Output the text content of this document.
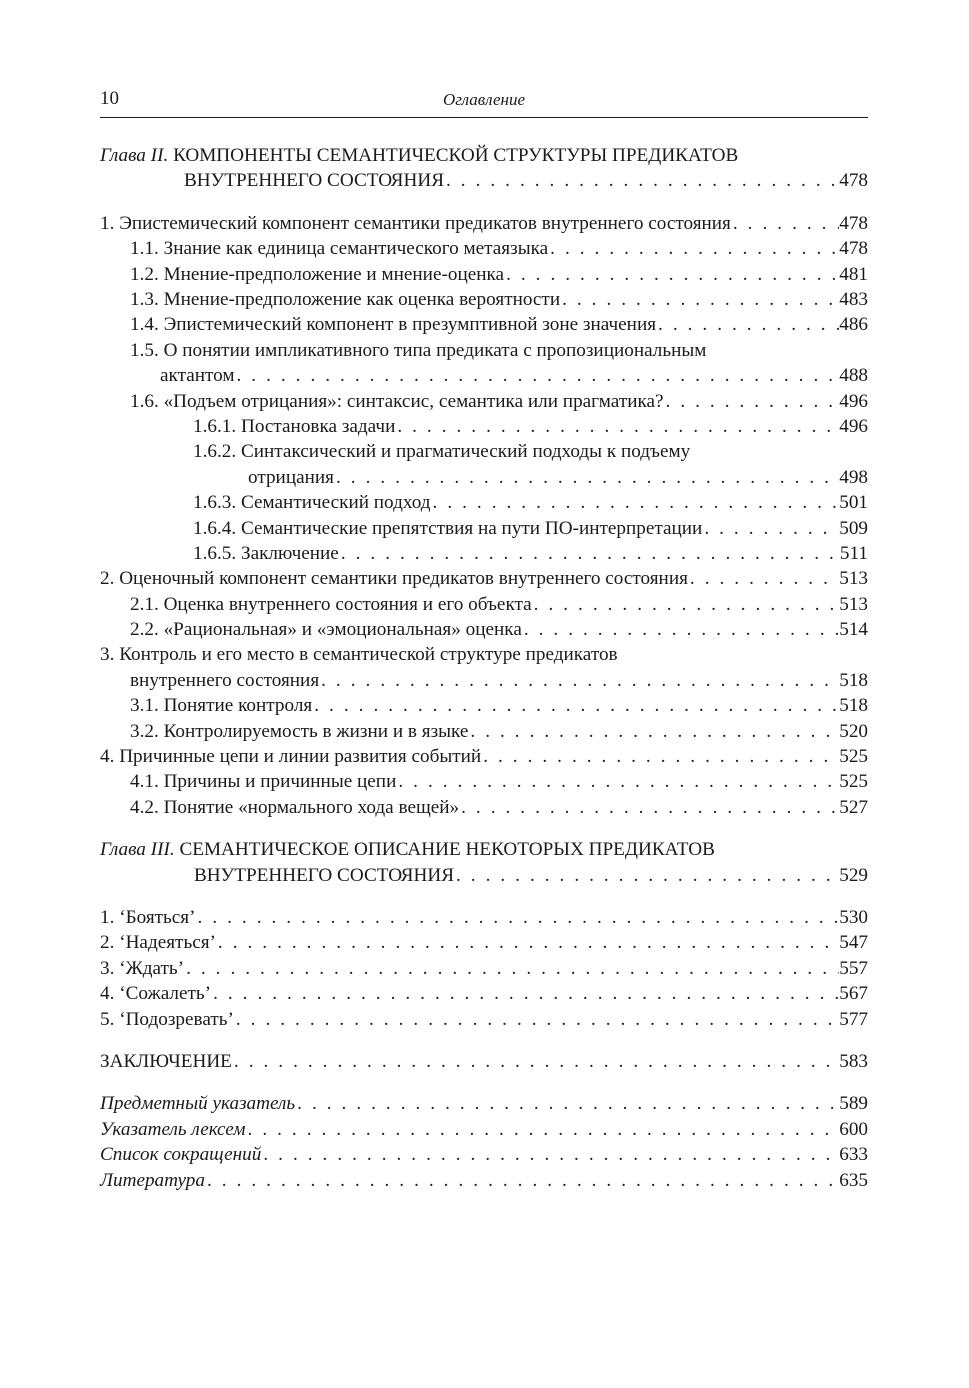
10	Оглавление
Глава II. КОМПОНЕНТЫ СЕМАНТИЧЕСКОЙ СТРУКТУРЫ ПРЕДИКАТОВ
ВНУТРЕННЕГО СОСТОЯНИЯ . . .	478
1. Эпистемический компонент семантики предикатов внутреннего состояния . . .	478
1.1. Знание как единица семантического метаязыка . . .	478
1.2. Мнение-предположение и мнение-оценка . . .	481
1.3. Мнение-предположение как оценка вероятности . . .	483
1.4. Эпистемический компонент в презумптивной зоне значения . . .	486
1.5. О понятии импликативного типа предиката с пропозициональным
актантом . . .	488
1.6. «Подъем отрицания»: синтаксис, семантика или прагматика? . . .	496
1.6.1. Постановка задачи . . .	496
1.6.2. Синтаксический и прагматический подходы к подъему
отрицания . . .	498
1.6.3. Семантический подход . . .	501
1.6.4. Семантические препятствия на пути ПО-интерпретации . . .	509
1.6.5. Заключение . . .	511
2. Оценочный компонент семантики предикатов внутреннего состояния . . .	513
2.1. Оценка внутреннего состояния и его объекта . . .	513
2.2. «Рациональная» и «эмоциональная» оценка . . .	514
3. Контроль и его место в семантической структуре предикатов
внутреннего состояния . . .	518
3.1. Понятие контроля . . .	518
3.2. Контролируемость в жизни и в языке . . .	520
4. Причинные цепи и линии развития событий . . .	525
4.1. Причины и причинные цепи . . .	525
4.2. Понятие «нормального хода вещей» . . .	527
Глава III. СЕМАНТИЧЕСКОЕ ОПИСАНИЕ НЕКОТОРЫХ ПРЕДИКАТОВ
ВНУТРЕННЕГО СОСТОЯНИЯ . . .	529
1. ‘Бояться’ . . .	530
2. ‘Надеяться’ . . .	547
3. ‘Ждать’ . . .	557
4. ‘Сожалеть’ . . .	567
5. ‘Подозревать’ . . .	577
ЗАКЛЮЧЕНИЕ . . .	583
Предметный указатель . . .	589
Указатель лексем . . .	600
Список сокращений . . .	633
Литература . . .	635
